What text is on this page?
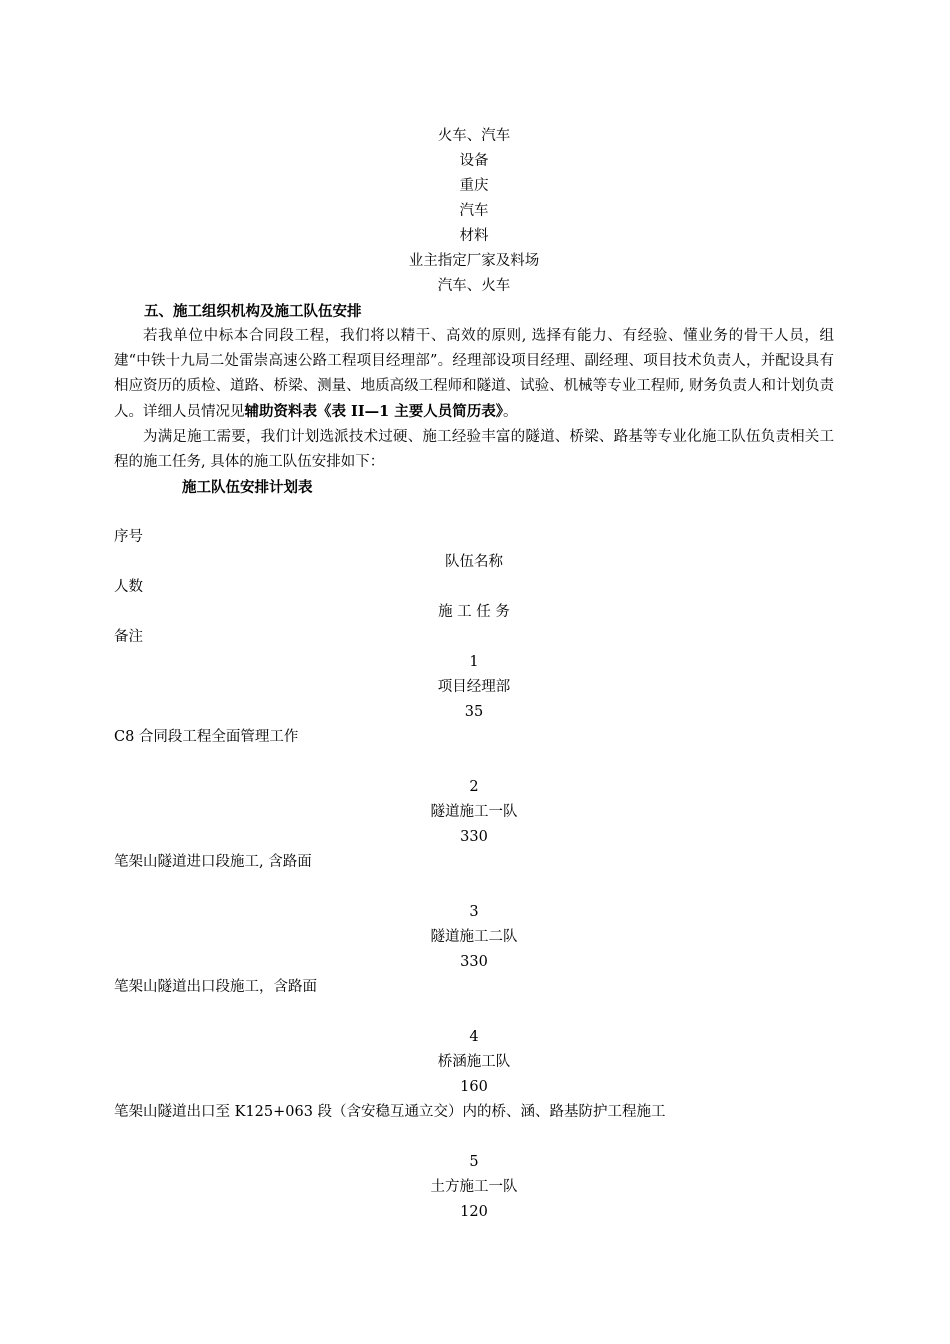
火车、汽车
设备
重庆
汽车
材料
业主指定厂家及料场
汽车、火车
五、施工组织机构及施工队伍安排

若我单位中标本合同段工程，我们将以精干、高效的原则, 选择有能力、有经验、懂业务的骨干人员，组建“中铁十九局二处雷崇高速公路工程项目经理部”。经理部设项目经理、副经理、项目技术负责人，并配设具有相应资历的质检、道路、桥梁、测量、地质高级工程师和隧道、试验、机械等专业工程师, 财务负责人和计划负责人。详细人员情况见辅助资料表《表 II—1 主要人员简历表》。

为满足施工需要，我们计划选派技术过硬、施工经验丰富的隧道、桥梁、路基等专业化施工队伍负责相关工程的施工任务, 具体的施工队伍安排如下：

施工队伍安排计划表
序号
队伍名称
人数
施 工 任 务
备注
1
项目经理部
35
C8 合同段工程全面管理工作
2
隧道施工一队
330
笔架山隧道进口段施工, 含路面
3
隧道施工二队
330
笔架山隧道出口段施工，含路面
4
桥涵施工队
160
笔架山隧道出口至 K125+063 段（含安稳互通立交）内的桥、涵、路基防护工程施工
5
土方施工一队
120
